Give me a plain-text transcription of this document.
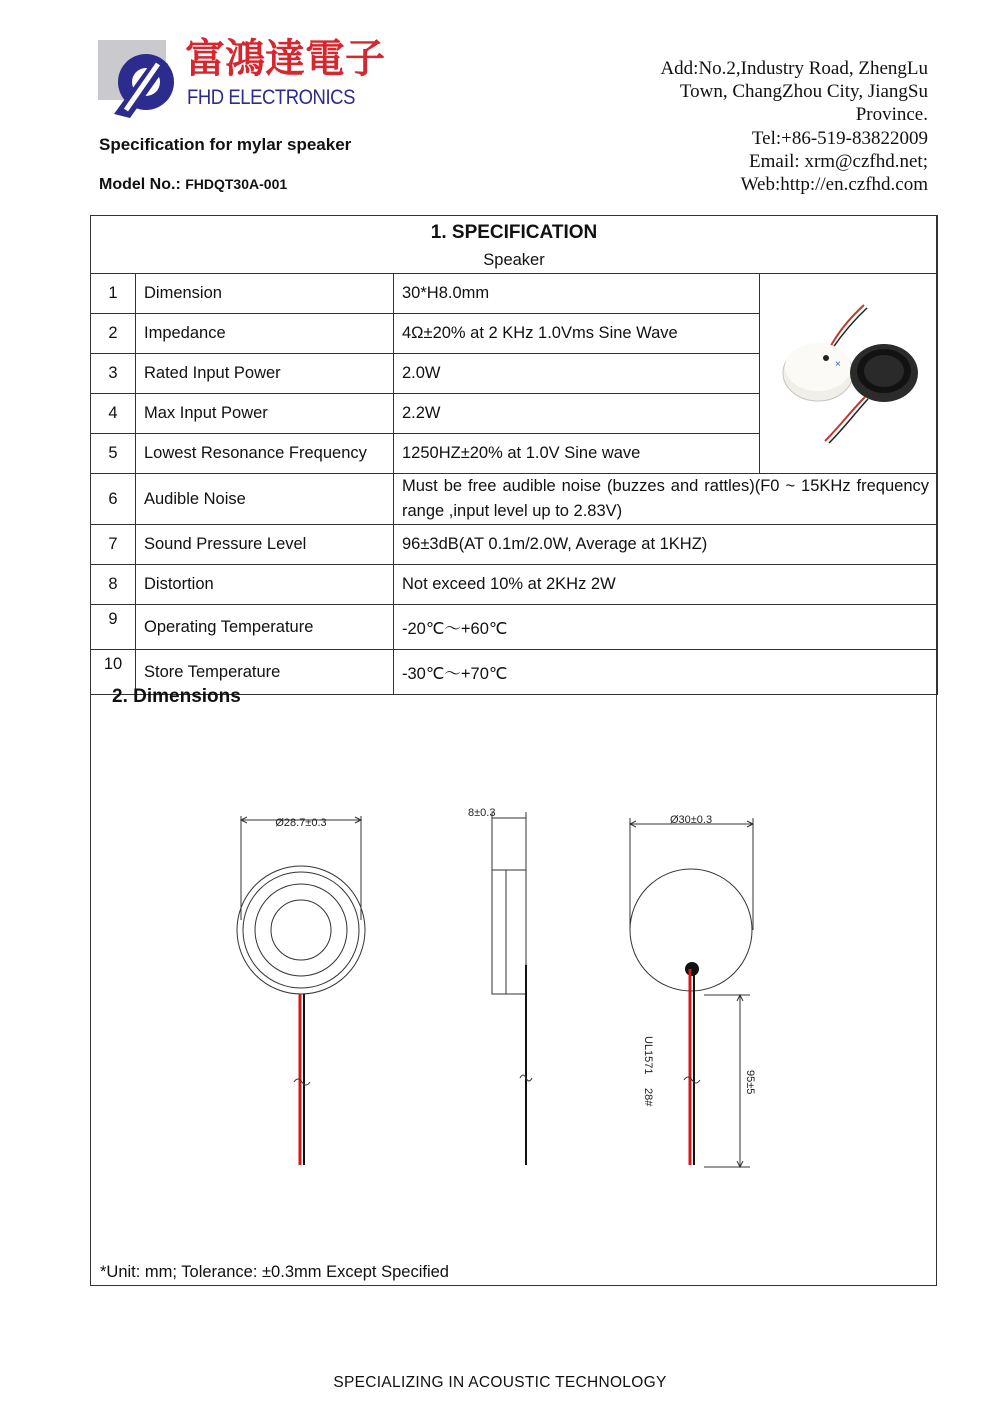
富鴻達電子
FHD ELECTRONICS
Specification for mylar speaker
Model No.: FHDQT30A-001
Add:No.2,Industry Road, ZhengLu
Town, ChangZhou City, JiangSu
Province.
Tel:+86-519-83822009
Email: xrm@czfhd.net;
Web:http://en.czfhd.com
1. SPECIFICATION
Speaker			

1	Dimension	30*H8.0mm	×

2	Impedance	4Ω±20% at 2 KHz 1.0Vms Sine Wave	
3	Rated Input Power	2.0W	
4	Max Input Power	2.2W	
5	Lowest Resonance Frequency	1250HZ±20% at 1.0V Sine wave	
6	Audible Noise	Must be free audible noise (buzzes and rattles)(F0 ~ 15KHz frequency range ,input level up to 2.83V)	
7	Sound Pressure Level	96±3dB(AT 0.1m/2.0W, Average at 1KHZ)	
8	Distortion	Not exceed 10% at 2KHz 2W	
9	Operating Temperature	-20℃～+60℃	
10	Store Temperature	-30℃～+70℃	
2. Dimensions
Ø28.7±0.3
8±0.3
Ø30±0.3
UL1571
28#
95±5
*Unit: mm; Tolerance: ±0.3mm Except Specified
SPECIALIZING IN ACOUSTIC TECHNOLOGY
